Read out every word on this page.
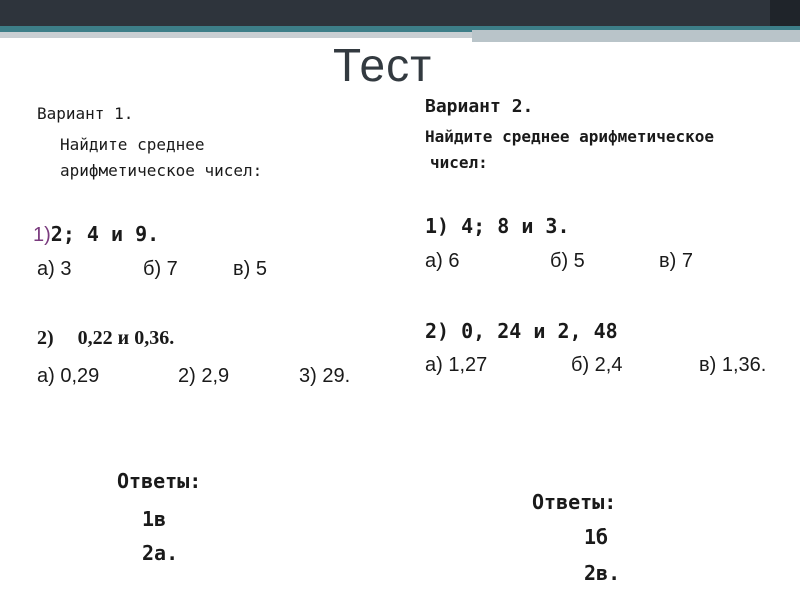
Тест
Вариант 1.
Найдите среднее
арифметическое чисел:
1)2; 4 и 9.
а) 3	б) 7	в) 5
2) 0,22 и 0,36.
а) 0,29	2) 2,9	3) 29.
Ответы:
1в
2а.
Вариант 2.
Найдите среднее арифметическое
чисел:
1) 4; 8 и 3.
а) 6	б) 5	в) 7
2) 0, 24 и 2, 48
а) 1,27	б) 2,4	в) 1,36.
Ответы:
1б
2в.
